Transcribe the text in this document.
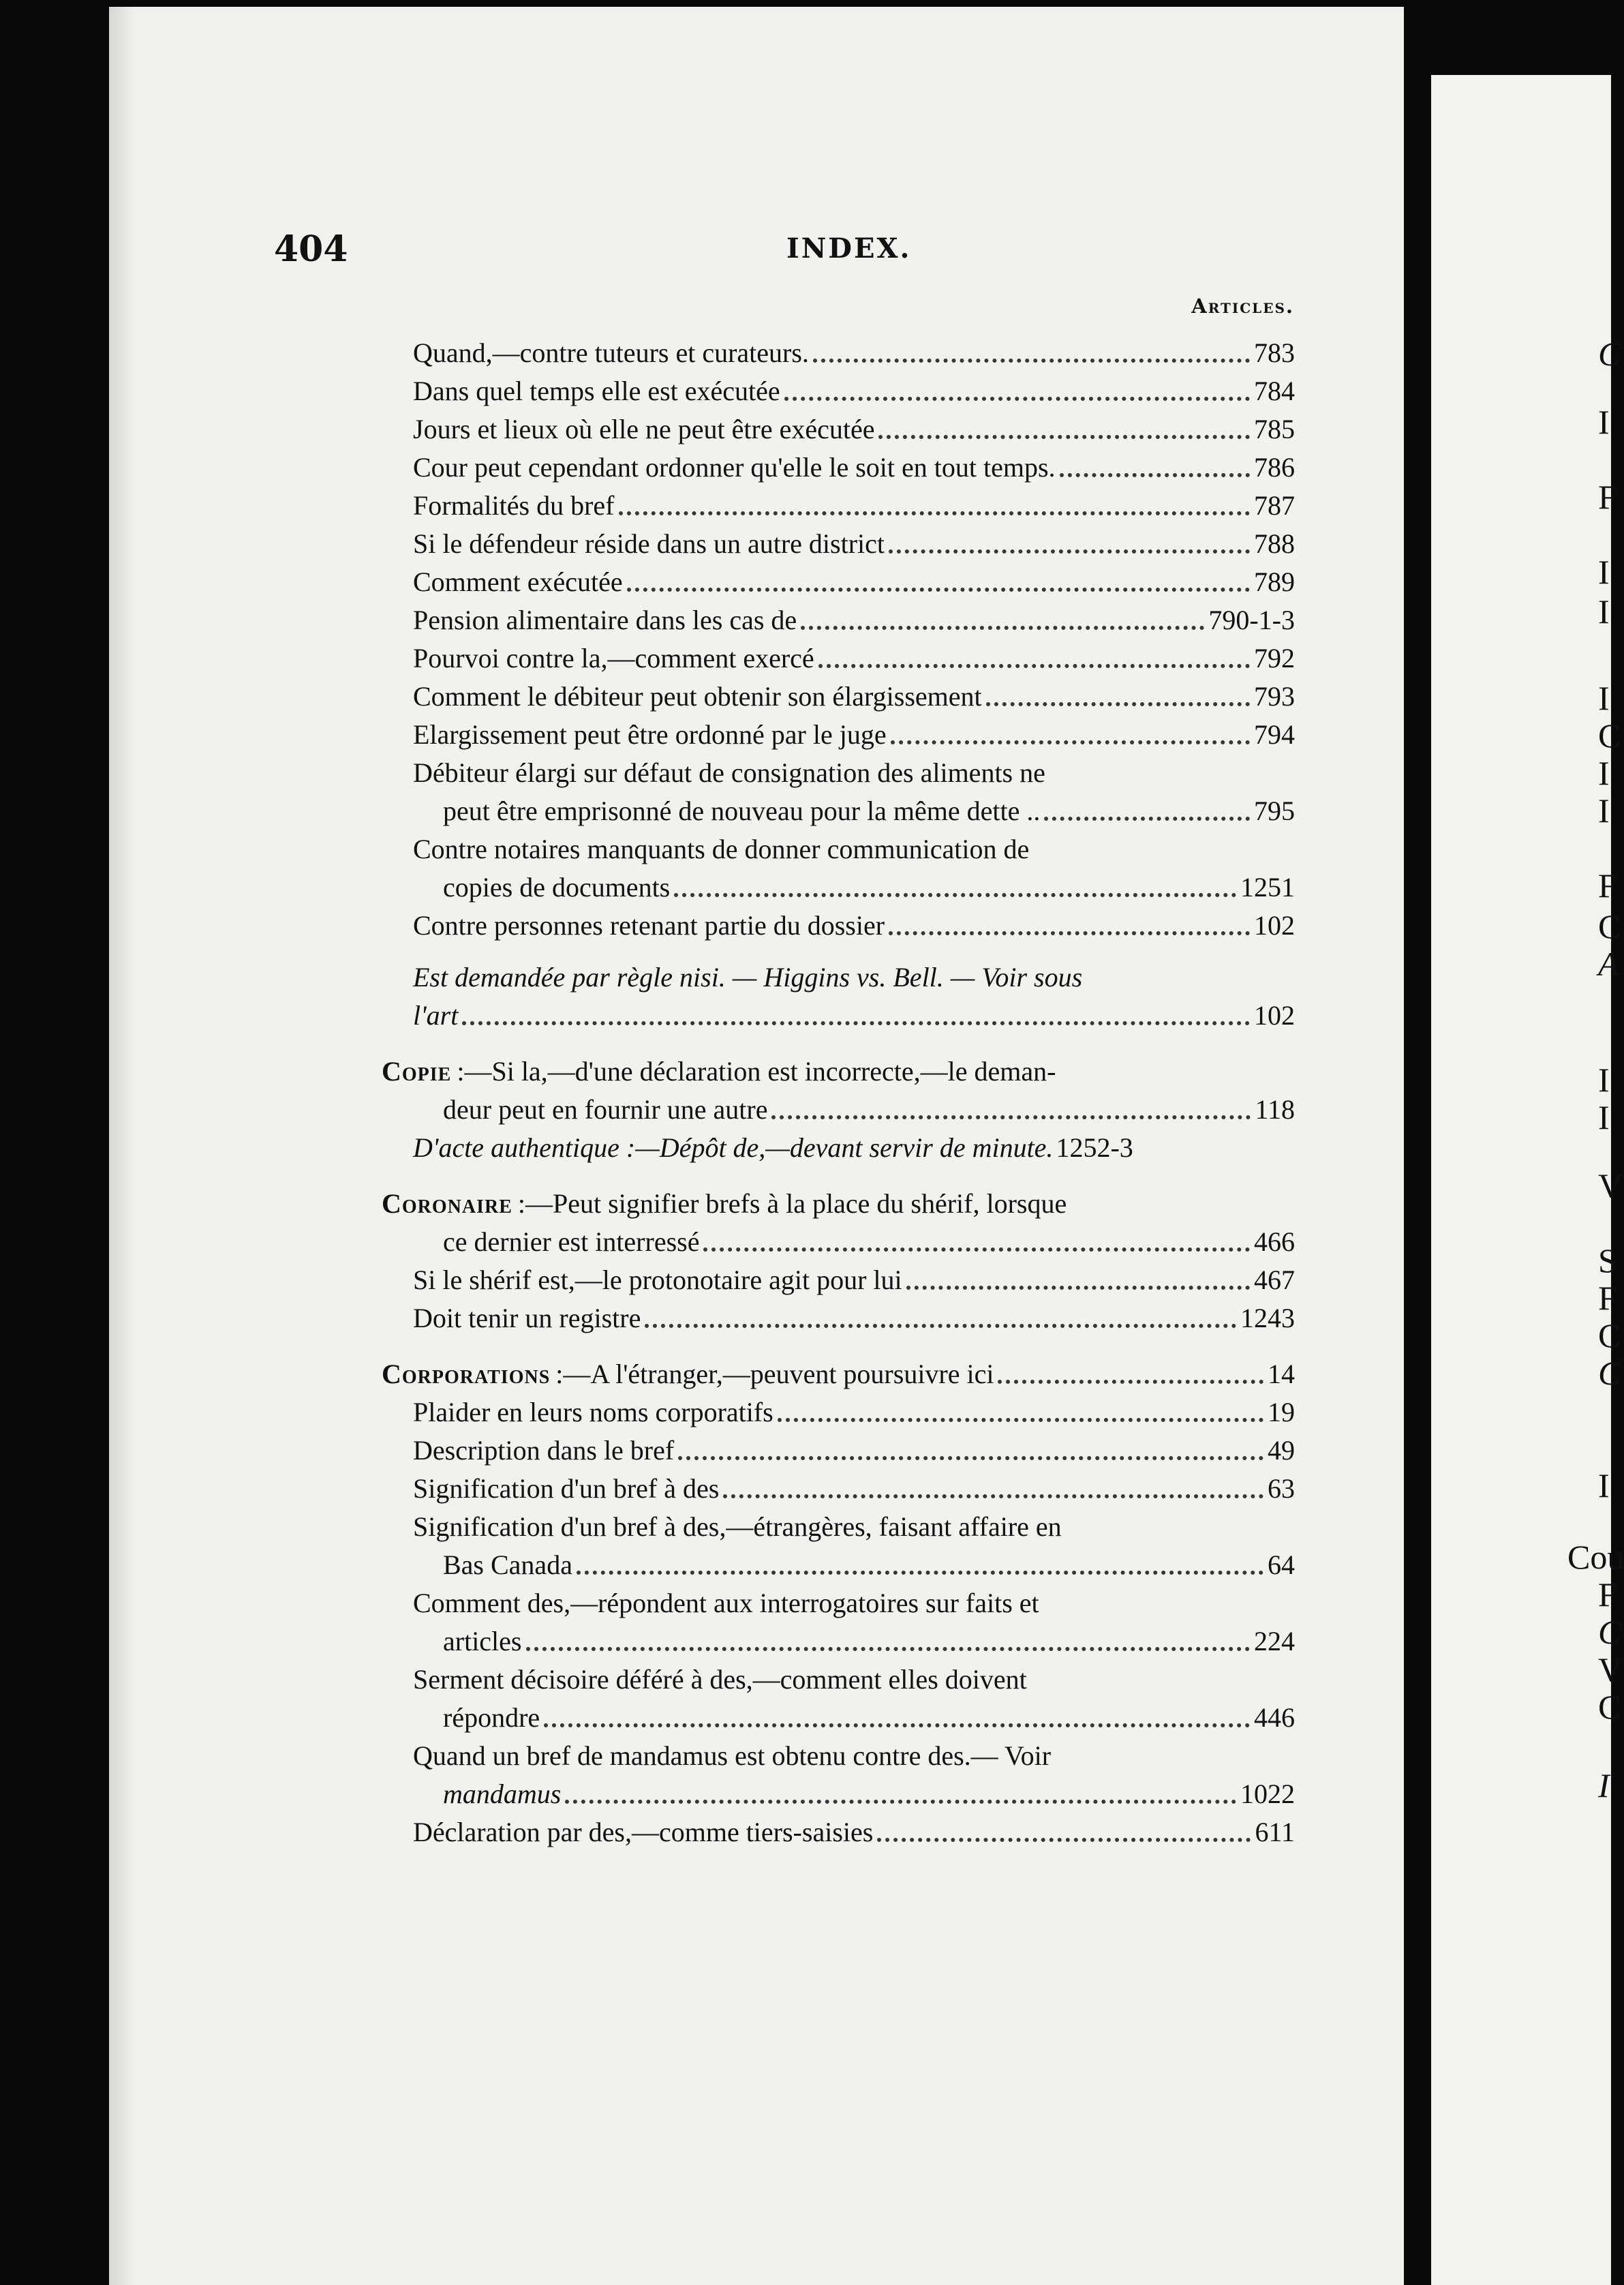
C
I
F
I
I
I
C
I
I
F
C
A
I
I
V
S
F
C
C
I
Cou
F
C
V
C
I
404	INDEX.
Articles.
Quand,—contre tuteurs et curateurs.	783
Dans quel temps elle est exécutée	784
Jours et lieux où elle ne peut être exécutée	785
Cour peut cependant ordonner qu'elle le soit en tout temps.	786
Formalités du bref	787
Si le défendeur réside dans un autre district	788
Comment exécutée	789
Pension alimentaire dans les cas de	790-1-3
Pourvoi contre la,—comment exercé	792
Comment le débiteur peut obtenir son élargissement	793
Elargissement peut être ordonné par le juge	794
Débiteur élargi sur défaut de consignation des aliments ne
peut être emprisonné de nouveau pour la même dette ..	795
Contre notaires manquants de donner communication de
copies de documents	1251
Contre personnes retenant partie du dossier	102
Est demandée par règle nisi. — Higgins vs. Bell. — Voir sous
l'art	102
Copie :—Si la,—d'une déclaration est incorrecte,—le deman-
deur peut en fournir une autre	118
D'acte authentique :—Dépôt de,—devant servir de minute. 1252-3
Coronaire :—Peut signifier brefs à la place du shérif, lorsque
ce dernier est interressé	466
Si le shérif est,—le protonotaire agit pour lui	467
Doit tenir un registre	1243
Corporations :—A l'étranger,—peuvent poursuivre ici	14
Plaider en leurs noms corporatifs	19
Description dans le bref	49
Signification d'un bref à des	63
Signification d'un bref à des,—étrangères, faisant affaire en
Bas Canada	64
Comment des,—répondent aux interrogatoires sur faits et
articles	224
Serment décisoire déféré à des,—comment elles doivent
répondre	446
Quand un bref de mandamus est obtenu contre des.— Voir
mandamus	1022
Déclaration par des,—comme tiers-saisies	611
